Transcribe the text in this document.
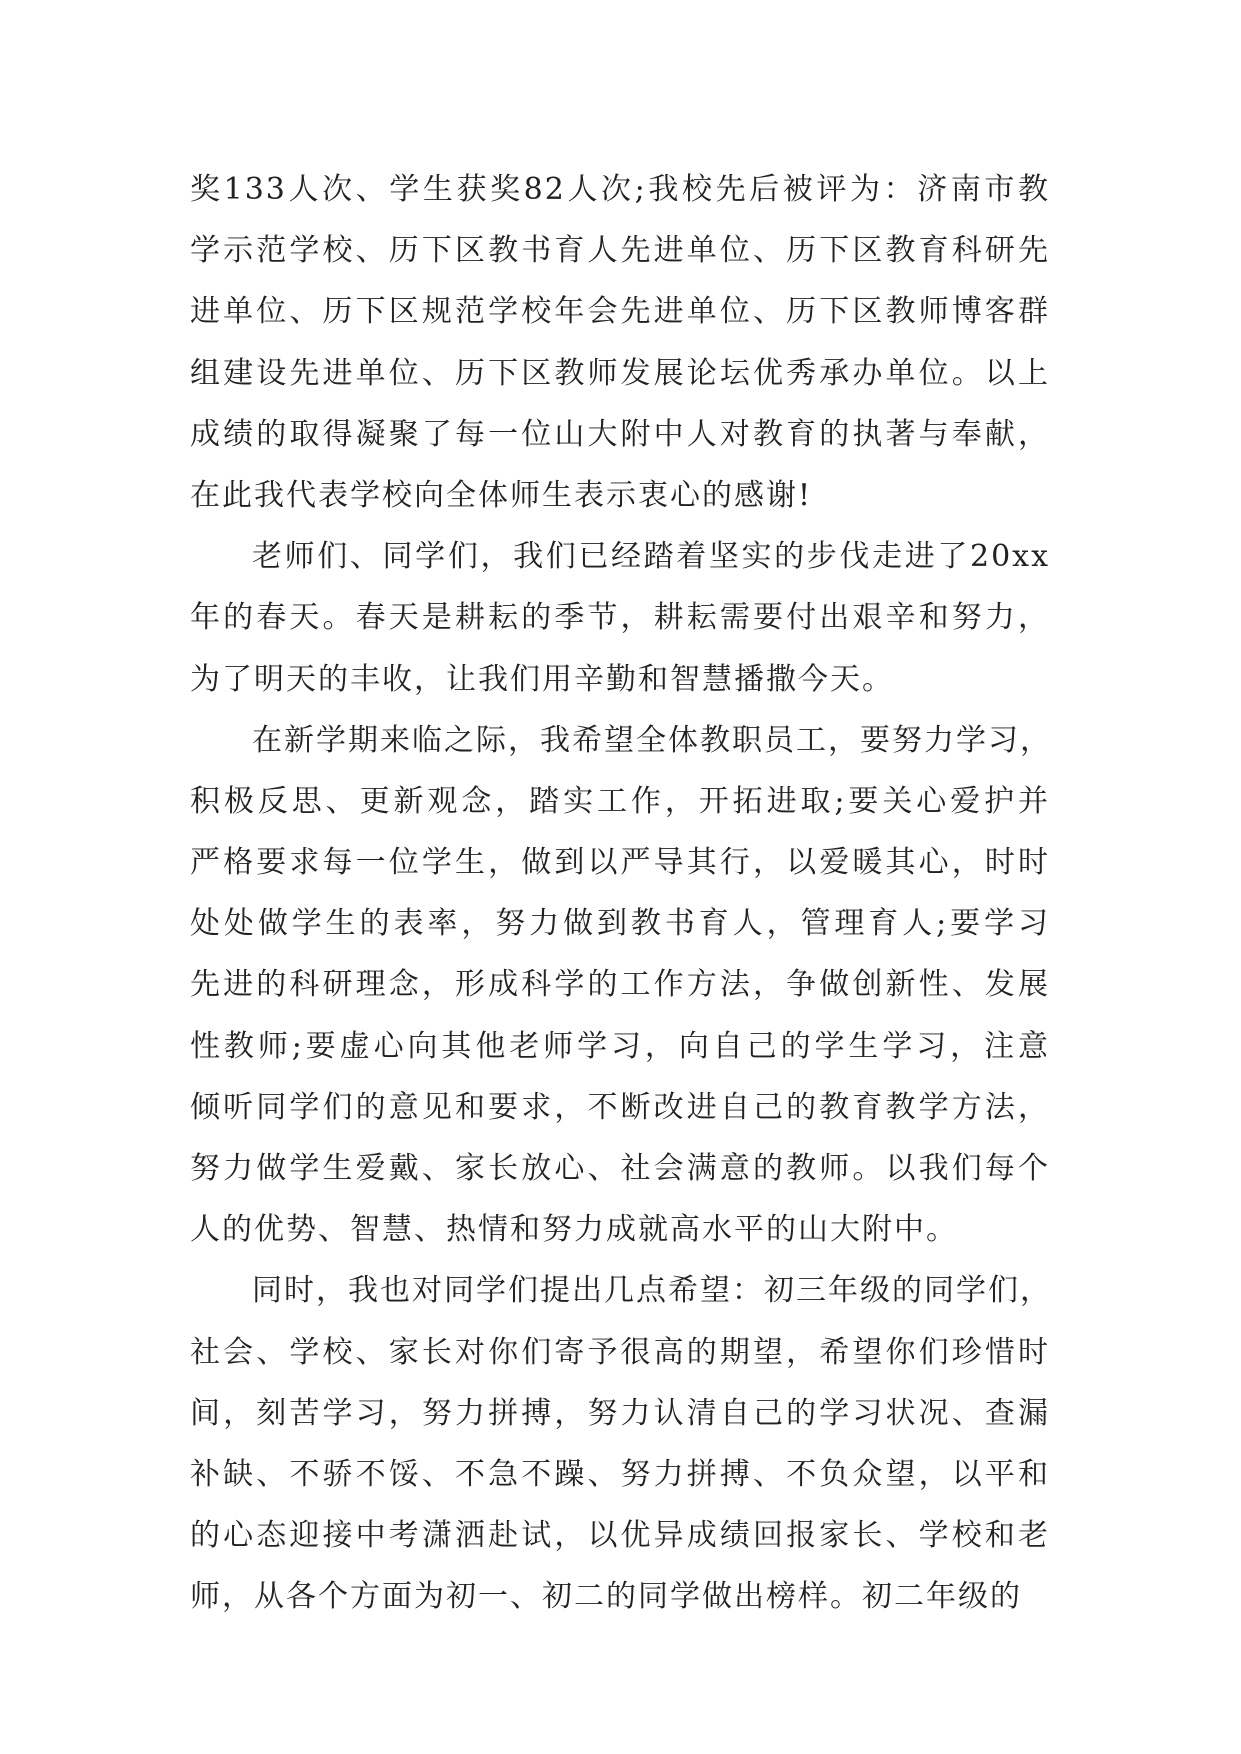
奖133人次、学生获奖82人次;我校先后被评为：济南市教
学示范学校、历下区教书育人先进单位、历下区教育科研先
进单位、历下区规范学校年会先进单位、历下区教师博客群
组建设先进单位、历下区教师发展论坛优秀承办单位。以上
成绩的取得凝聚了每一位山大附中人对教育的执著与奉献，
在此我代表学校向全体师生表示衷心的感谢!
老师们、同学们，我们已经踏着坚实的步伐走进了20xx
年的春天。春天是耕耘的季节，耕耘需要付出艰辛和努力，
为了明天的丰收，让我们用辛勤和智慧播撒今天。
在新学期来临之际，我希望全体教职员工，要努力学习，
积极反思、更新观念，踏实工作，开拓进取;要关心爱护并
严格要求每一位学生，做到以严导其行，以爱暖其心，时时
处处做学生的表率，努力做到教书育人，管理育人;要学习
先进的科研理念，形成科学的工作方法，争做创新性、发展
性教师;要虚心向其他老师学习，向自己的学生学习，注意
倾听同学们的意见和要求，不断改进自己的教育教学方法，
努力做学生爱戴、家长放心、社会满意的教师。以我们每个
人的优势、智慧、热情和努力成就高水平的山大附中。
同时，我也对同学们提出几点希望：初三年级的同学们，
社会、学校、家长对你们寄予很高的期望，希望你们珍惜时
间，刻苦学习，努力拼搏，努力认清自己的学习状况、查漏
补缺、不骄不馁、不急不躁、努力拼搏、不负众望，以平和
的心态迎接中考潇洒赴试，以优异成绩回报家长、学校和老
师，从各个方面为初一、初二的同学做出榜样。初二年级的
